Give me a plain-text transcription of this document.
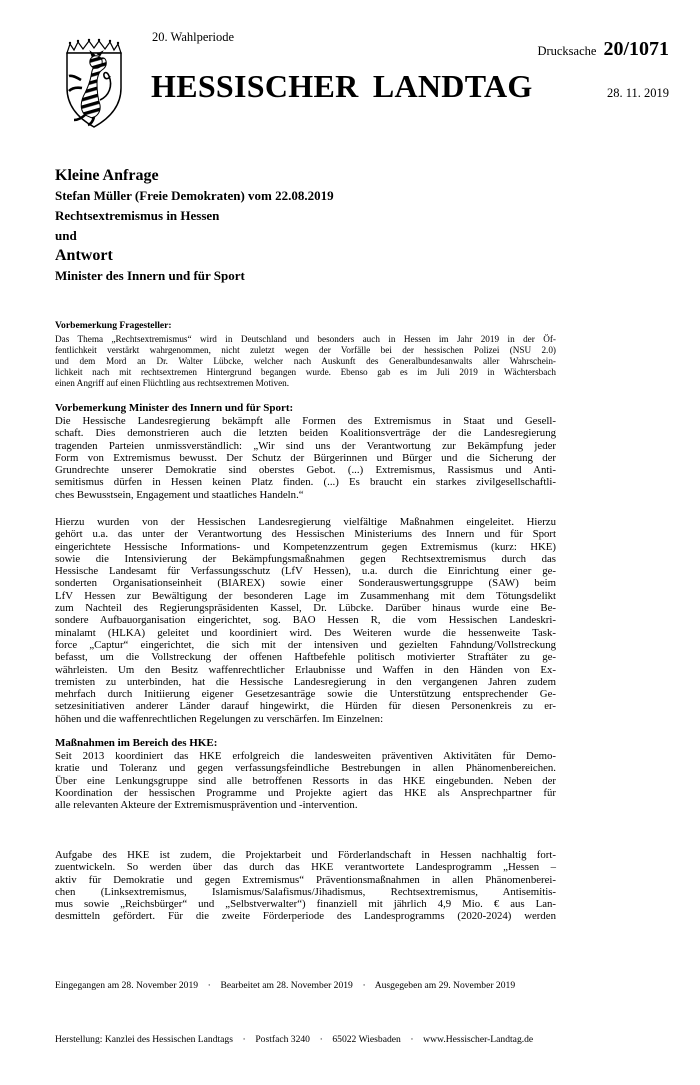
20. Wahlperiode
HESSISCHER LANDTAG
Drucksache 20/1071
28. 11. 2019
Kleine Anfrage
Stefan Müller (Freie Demokraten) vom 22.08.2019
Rechtsextremismus in Hessen
und
Antwort
Minister des Innern und für Sport
Vorbemerkung Fragesteller:
Das Thema „Rechtsextremismus“ wird in Deutschland und besonders auch in Hessen im Jahr 2019 in der Öf-
fentlichkeit verstärkt wahrgenommen, nicht zuletzt wegen der Vorfälle bei der hessischen Polizei (NSU 2.0)
und dem Mord an Dr. Walter Lübcke, welcher nach Auskunft des Generalbundesanwalts aller Wahrschein-
lichkeit nach mit rechtsextremen Hintergrund begangen wurde. Ebenso gab es im Juli 2019 in Wächtersbach
einen Angriff auf einen Flüchtling aus rechtsextremen Motiven.
Vorbemerkung Minister des Innern und für Sport:
Die Hessische Landesregierung bekämpft alle Formen des Extremismus in Staat und Gesell-
schaft. Dies demonstrieren auch die letzten beiden Koalitionsverträge der die Landesregierung
tragenden Parteien unmissverständlich: „Wir sind uns der Verantwortung zur Bekämpfung jeder
Form von Extremismus bewusst. Der Schutz der Bürgerinnen und Bürger und die Sicherung der
Grundrechte unserer Demokratie sind oberstes Gebot. (...) Extremismus, Rassismus und Anti-
semitismus dürfen in Hessen keinen Platz finden. (...) Es braucht ein starkes zivilgesellschaftli-
ches Bewusstsein, Engagement und staatliches Handeln.“
Hierzu wurden von der Hessischen Landesregierung vielfältige Maßnahmen eingeleitet. Hierzu
gehört u.a. das unter der Verantwortung des Hessischen Ministeriums des Innern und für Sport
eingerichtete Hessische Informations- und Kompetenzzentrum gegen Extremismus (kurz: HKE)
sowie die Intensivierung der Bekämpfungsmaßnahmen gegen Rechtsextremismus durch das
Hessische Landesamt für Verfassungsschutz (LfV Hessen), u.a. durch die Einrichtung einer ge-
sonderten Organisationseinheit (BIAREX) sowie einer Sonderauswertungsgruppe (SAW) beim
LfV Hessen zur Bewältigung der besonderen Lage im Zusammenhang mit dem Tötungsdelikt
zum Nachteil des Regierungspräsidenten Kassel, Dr. Lübcke. Darüber hinaus wurde eine Be-
sondere Aufbauorganisation eingerichtet, sog. BAO Hessen R, die vom Hessischen Landeskri-
minalamt (HLKA) geleitet und koordiniert wird. Des Weiteren wurde die hessenweite Task-
force „Captur“ eingerichtet, die sich mit der intensiven und gezielten Fahndung/Vollstreckung
befasst, um die Vollstreckung der offenen Haftbefehle politisch motivierter Straftäter zu ge-
währleisten. Um den Besitz waffenrechtlicher Erlaubnisse und Waffen in den Händen von Ex-
tremisten zu unterbinden, hat die Hessische Landesregierung in den vergangenen Jahren zudem
mehrfach durch Initiierung eigener Gesetzesanträge sowie die Unterstützung entsprechender Ge-
setzesinitiativen anderer Länder darauf hingewirkt, die Hürden für diesen Personenkreis zu er-
höhen und die waffenrechtlichen Regelungen zu verschärfen. Im Einzelnen:
Maßnahmen im Bereich des HKE:
Seit 2013 koordiniert das HKE erfolgreich die landesweiten präventiven Aktivitäten für Demo-
kratie und Toleranz und gegen verfassungsfeindliche Bestrebungen in allen Phänomenbereichen.
Über eine Lenkungsgruppe sind alle betroffenen Ressorts in das HKE eingebunden. Neben der
Koordination der hessischen Programme und Projekte agiert das HKE als Ansprechpartner für
alle relevanten Akteure der Extremismusprävention und -intervention.
Aufgabe des HKE ist zudem, die Projektarbeit und Förderlandschaft in Hessen nachhaltig fort-
zuentwickeln. So werden über das durch das HKE verantwortete Landesprogramm „Hessen –
aktiv für Demokratie und gegen Extremismus“ Präventionsmaßnahmen in allen Phänomenberei-
chen (Linksextremismus, Islamismus/Salafismus/Jihadismus, Rechtsextremismus, Antisemitis-
mus sowie „Reichsbürger“ und „Selbstverwalter“) finanziell mit jährlich 4,9 Mio. € aus Lan-
desmitteln gefördert. Für die zweite Förderperiode des Landesprogramms (2020-2024) werden

Eingegangen am 28. November 2019    ·    Bearbeitet am 28. November 2019    ·    Ausgegeben am 29. November 2019

Herstellung: Kanzlei des Hessischen Landtags    ·    Postfach 3240    ·    65022 Wiesbaden    ·    www.Hessischer-Landtag.de
